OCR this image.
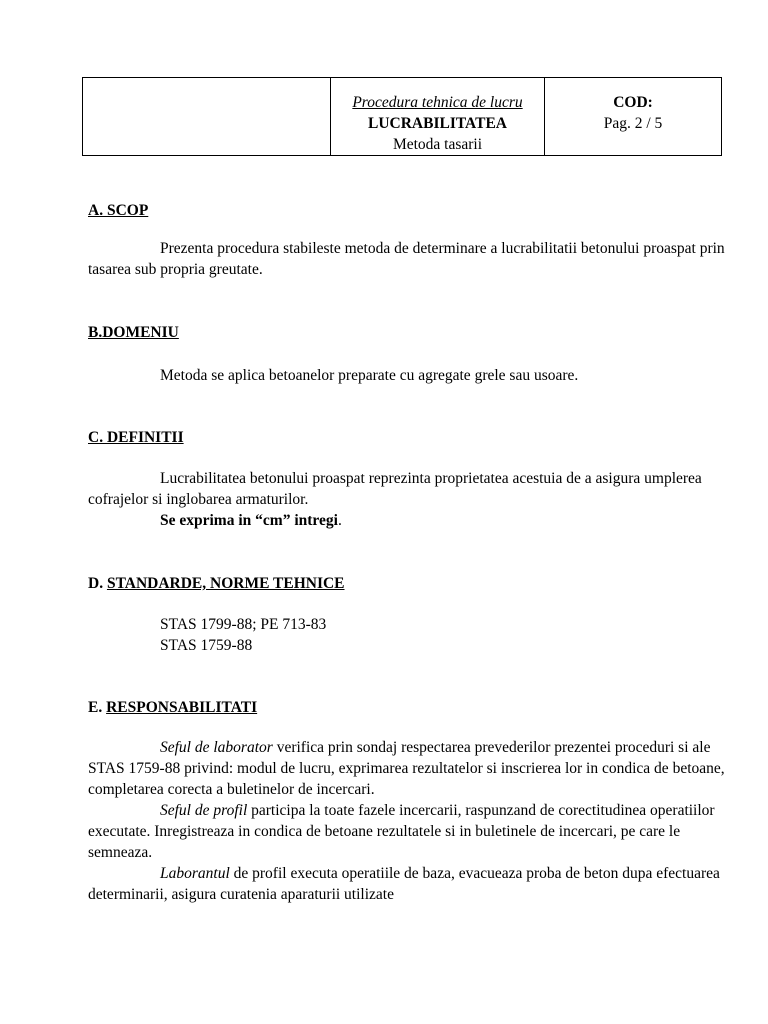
Procedura tehnica de lucru
LUCRABILITATEA
Metoda tasarii
COD:
Pag. 2 / 5
A. SCOP

Prezenta procedura stabileste metoda de determinare a lucrabilitatii betonului proaspat prin tasarea sub propria greutate.

B.DOMENIU

Metoda se aplica betoanelor preparate cu agregate grele sau usoare.

C. DEFINITII

Lucrabilitatea betonului proaspat reprezinta proprietatea acestuia de a asigura umplerea cofrajelor si inglobarea armaturilor.

Se exprima in “cm” intregi.

D. STANDARDE, NORME TEHNICE

STAS 1799-88; PE 713-83

STAS 1759-88

E. RESPONSABILITATI

Seful de laborator verifica prin sondaj respectarea prevederilor prezentei proceduri si ale STAS 1759-88 privind: modul de lucru, exprimarea rezultatelor si inscrierea lor in condica de betoane, completarea corecta a buletinelor de incercari.

Seful de profil participa la toate fazele incercarii, raspunzand de corectitudinea operatiilor executate. Inregistreaza in condica de betoane rezultatele si in buletinele de incercari, pe care le semneaza.

Laborantul de profil executa operatiile de baza, evacueaza proba de beton dupa efectuarea determinarii, asigura curatenia aparaturii utilizate
